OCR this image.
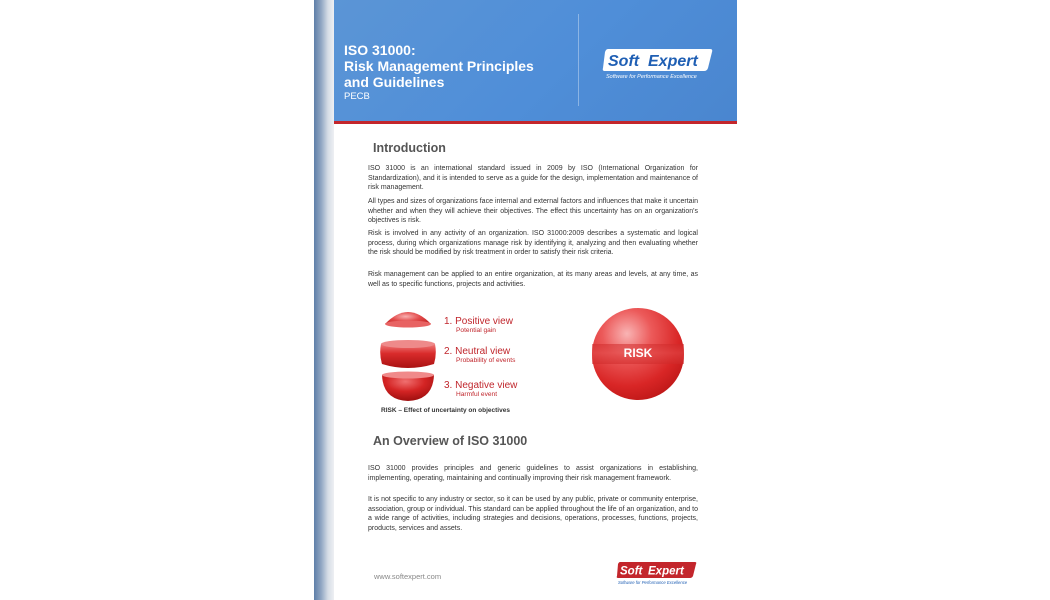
ISO 31000:
Risk Management Principles
and Guidelines
PECB
Soft Expert
Software for Performance Excellence
Introduction
ISO 31000 is an international standard issued in 2009 by ISO (International Organization for Standardization), and it is intended to serve as a guide for the design, implementation and maintenance of risk management.
All types and sizes of organizations face internal and external factors and influences that make it uncertain whether and when they will achieve their objectives. The effect this uncertainty has on an organization's objectives is risk.
Risk is involved in any activity of an organization. ISO 31000:2009 describes a systematic and logical process, during which organizations manage risk by identifying it, analyzing and then evaluating whether the risk should be modified by risk treatment in order to satisfy their risk criteria.
Risk management can be applied to an entire organization, at its many areas and levels, at any time, as well as to specific functions, projects and activities.
1. Positive view
Potential gain
2. Neutral view
Probability of events
3. Negative view
Harmful event
RISK – Effect of uncertainty on objectives
RISK
An Overview of ISO 31000
ISO 31000 provides principles and generic guidelines to assist organizations in establishing, implementing, operating, maintaining and continually improving their risk management framework.
It is not specific to any industry or sector, so it can be used by any public, private or community enterprise, association, group or individual. This standard can be applied throughout the life of an organization, and to a wide range of activities, including strategies and decisions, operations, processes, functions, projects, products, services and assets.
www.softexpert.com	Soft Expert
Software for Performance Excellence
